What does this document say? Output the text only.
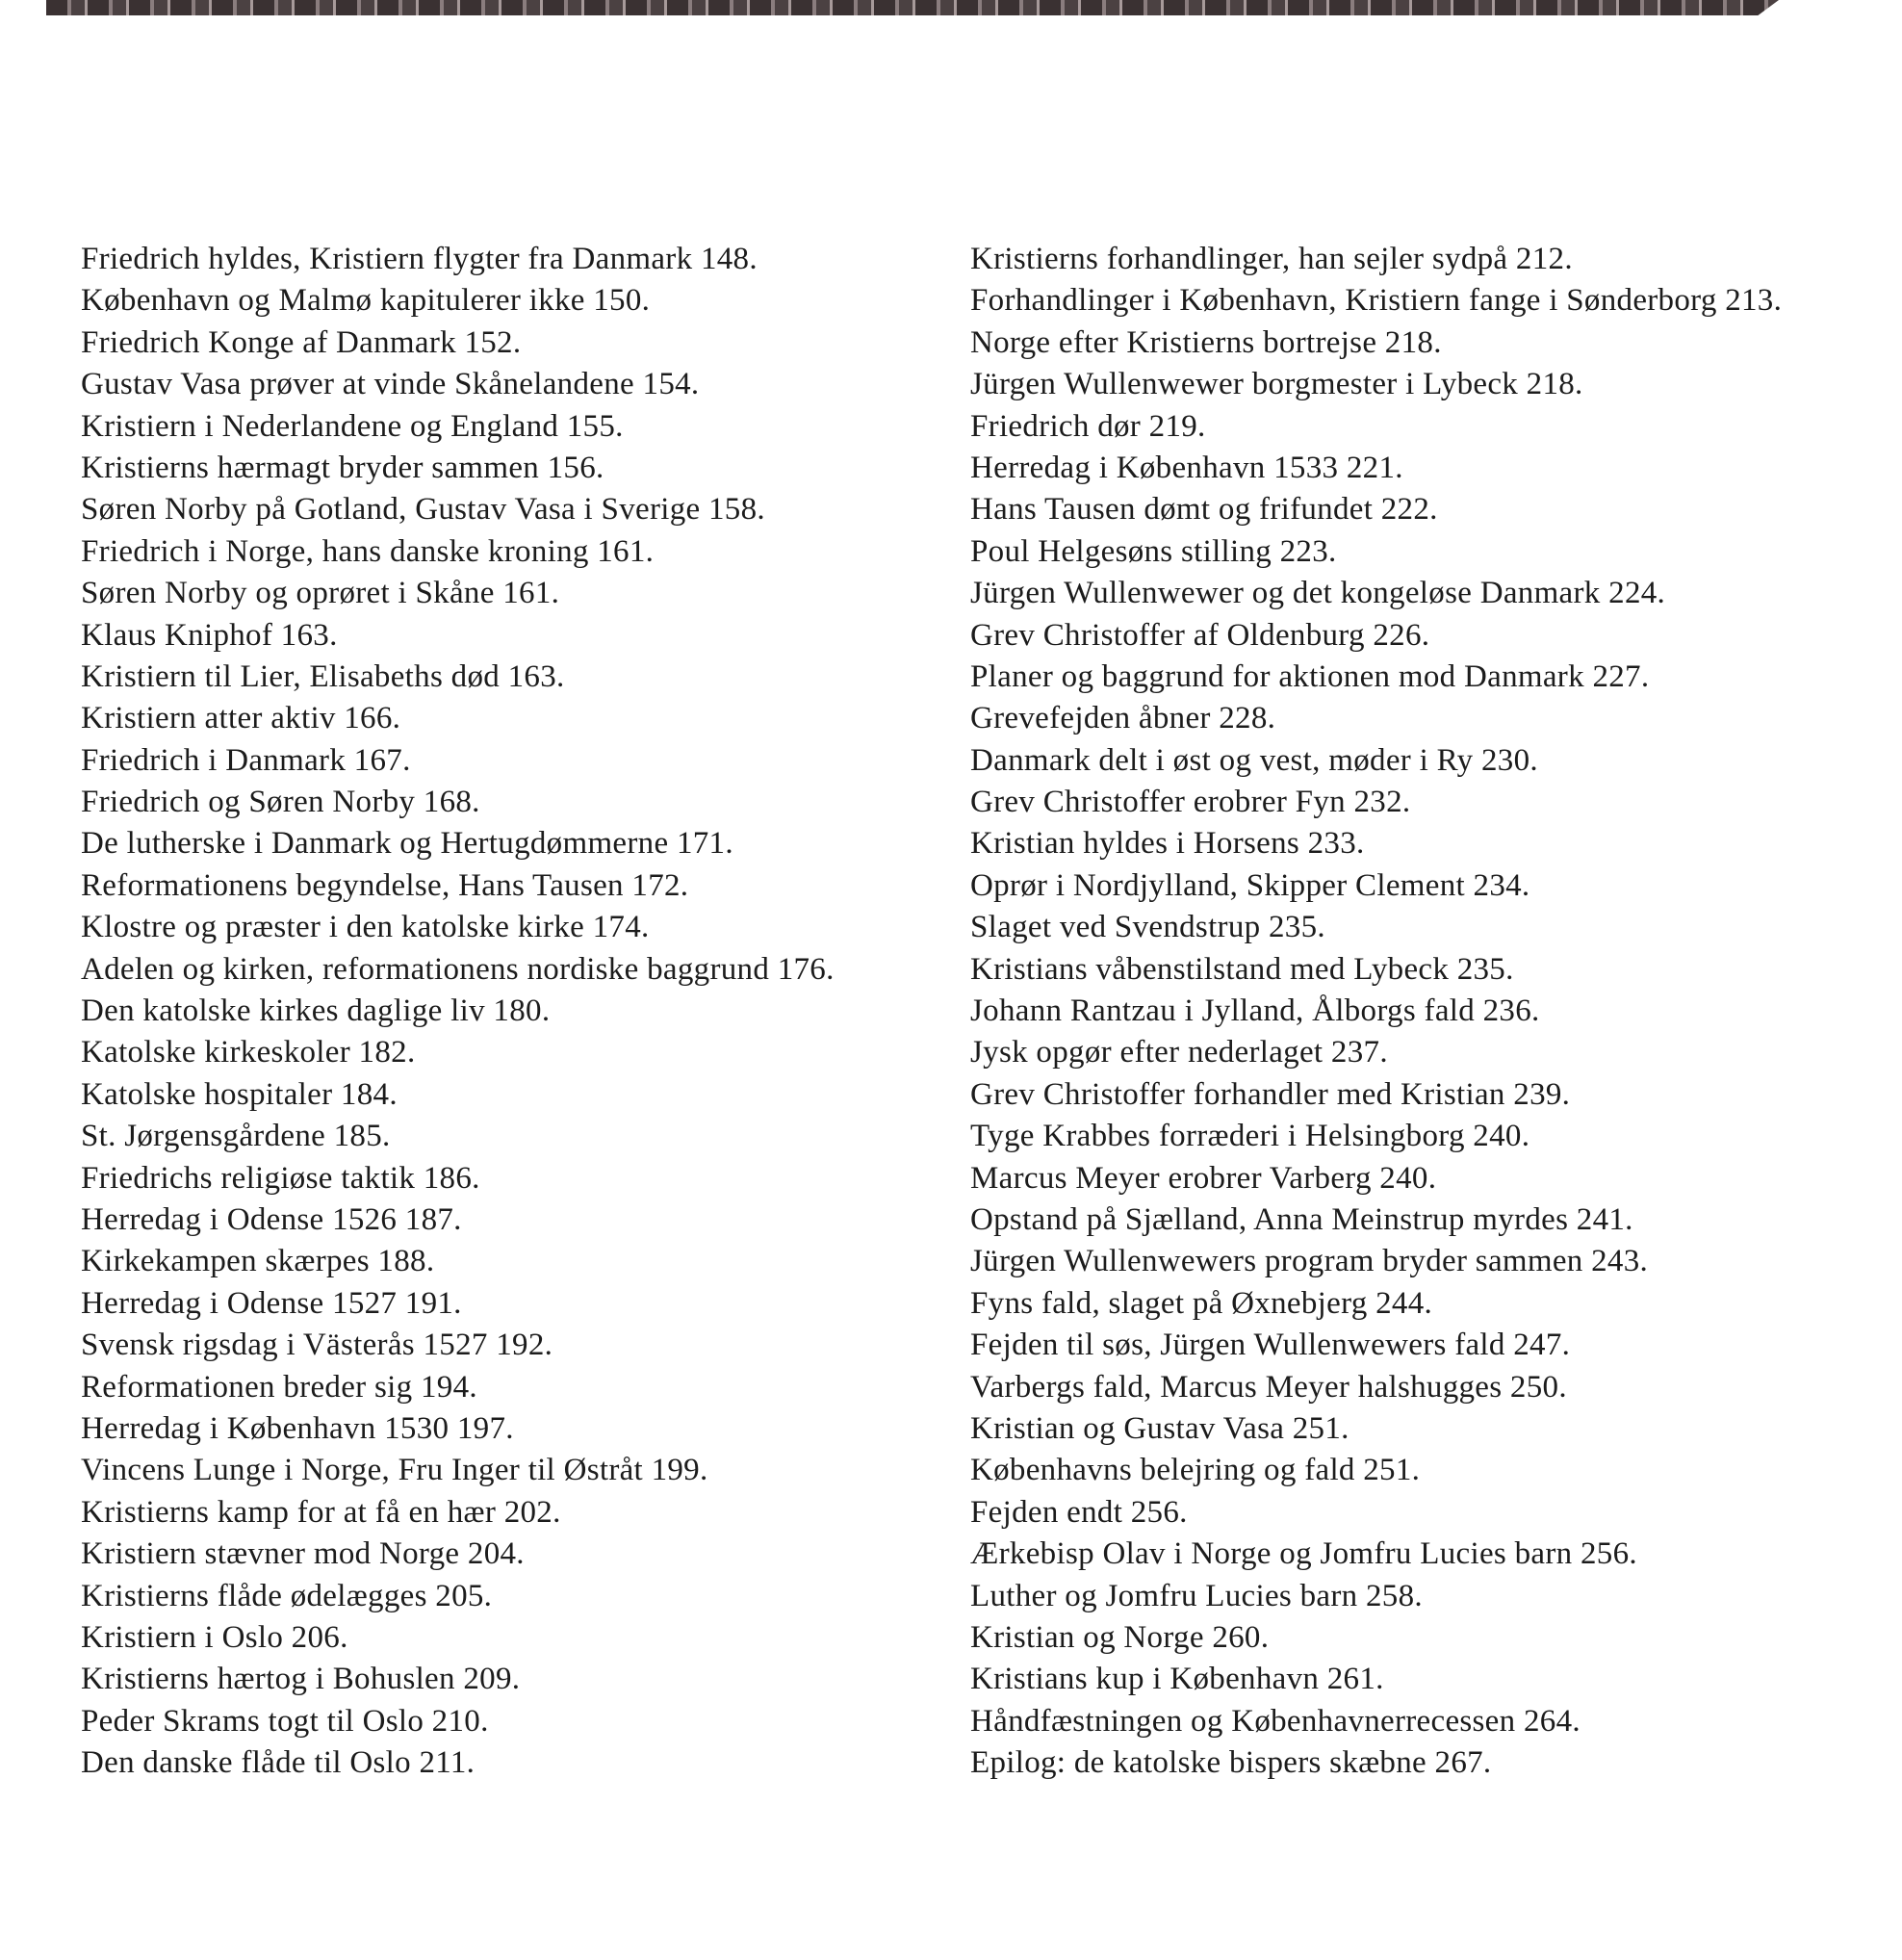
Friedrich hyldes, Kristiern flygter fra Danmark 148.
København og Malmø kapitulerer ikke 150.
Friedrich Konge af Danmark 152.
Gustav Vasa prøver at vinde Skånelandene 154.
Kristiern i Nederlandene og England 155.
Kristierns hærmagt bryder sammen 156.
Søren Norby på Gotland, Gustav Vasa i Sverige 158.
Friedrich i Norge, hans danske kroning 161.
Søren Norby og oprøret i Skåne 161.
Klaus Kniphof 163.
Kristiern til Lier, Elisabeths død 163.
Kristiern atter aktiv 166.
Friedrich i Danmark 167.
Friedrich og Søren Norby 168.
De lutherske i Danmark og Hertugdømmerne 171.
Reformationens begyndelse, Hans Tausen 172.
Klostre og præster i den katolske kirke 174.
Adelen og kirken, reformationens nordiske baggrund 176.
Den katolske kirkes daglige liv 180.
Katolske kirkeskoler 182.
Katolske hospitaler 184.
St. Jørgensgårdene 185.
Friedrichs religiøse taktik 186.
Herredag i Odense 1526 187.
Kirkekampen skærpes 188.
Herredag i Odense 1527 191.
Svensk rigsdag i Västerås 1527 192.
Reformationen breder sig 194.
Herredag i København 1530 197.
Vincens Lunge i Norge, Fru Inger til Østråt 199.
Kristierns kamp for at få en hær 202.
Kristiern stævner mod Norge 204.
Kristierns flåde ødelægges 205.
Kristiern i Oslo 206.
Kristierns hærtog i Bohuslen 209.
Peder Skrams togt til Oslo 210.
Den danske flåde til Oslo 211.
Kristierns forhandlinger, han sejler sydpå 212.
Forhandlinger i København, Kristiern fange i Sønderborg 213.
Norge efter Kristierns bortrejse 218.
Jürgen Wullenwewer borgmester i Lybeck 218.
Friedrich dør 219.
Herredag i København 1533 221.
Hans Tausen dømt og frifundet 222.
Poul Helgesøns stilling 223.
Jürgen Wullenwewer og det kongeløse Danmark 224.
Grev Christoffer af Oldenburg 226.
Planer og baggrund for aktionen mod Danmark 227.
Grevefejden åbner 228.
Danmark delt i øst og vest, møder i Ry 230.
Grev Christoffer erobrer Fyn 232.
Kristian hyldes i Horsens 233.
Oprør i Nordjylland, Skipper Clement 234.
Slaget ved Svendstrup 235.
Kristians våbenstilstand med Lybeck 235.
Johann Rantzau i Jylland, Ålborgs fald 236.
Jysk opgør efter nederlaget 237.
Grev Christoffer forhandler med Kristian 239.
Tyge Krabbes forræderi i Helsingborg 240.
Marcus Meyer erobrer Varberg 240.
Opstand på Sjælland, Anna Meinstrup myrdes 241.
Jürgen Wullenwewers program bryder sammen 243.
Fyns fald, slaget på Øxnebjerg 244.
Fejden til søs, Jürgen Wullenwewers fald 247.
Varbergs fald, Marcus Meyer halshugges 250.
Kristian og Gustav Vasa 251.
Københavns belejring og fald 251.
Fejden endt 256.
Ærkebisp Olav i Norge og Jomfru Lucies barn 256.
Luther og Jomfru Lucies barn 258.
Kristian og Norge 260.
Kristians kup i København 261.
Håndfæstningen og Københavnerrecessen 264.
Epilog: de katolske bispers skæbne 267.
